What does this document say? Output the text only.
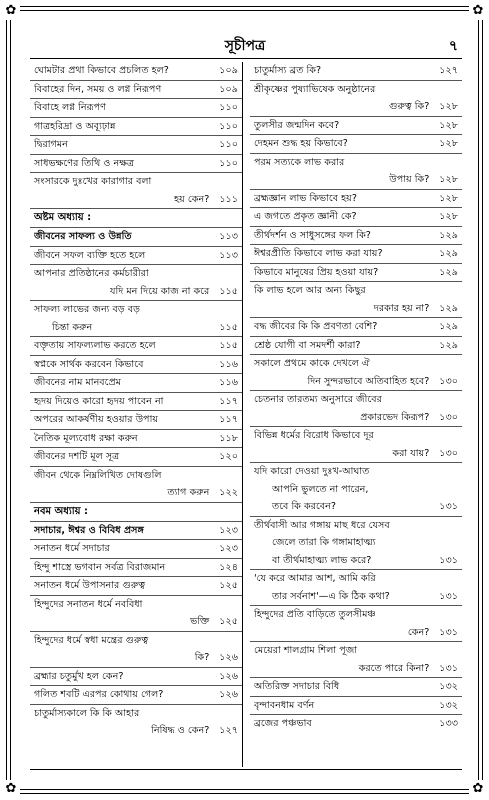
✿	✿
✿	✿
সূচীপত্র	৭
ঘোমটার প্রথা কিভাবে প্রচলিত হল?	১০৯
বিবাহের দিন, সময় ও লগ্ন নিরূপণ	১০৯
বিবাহে লগ্ন নিরূপণ	১১০
গাত্রহরিদ্রা ও অব্যূঢ়ান্ন	১১০
দ্বিরাগমন	১১০
সাধভক্ষণের তিথি ও নক্ষত্র	১১০
সংসারকে দুঃখের কারাগার বলা
হয় কেন?	১১১
অষ্টম অধ্যায় :
জীবনের সাফল্য ও উন্নতি	১১৩
জীবনে সফল ব্যক্তি হতে হলে	১১৩
আপনার প্রতিষ্ঠানের কর্মচারীরা
যদি মন দিয়ে কাজ না করে	১১৫
সাফল্য লাভের জন্য বড় বড়
চিন্তা করুন	১১৫
বক্তৃতায় সাফল্যলাভ করতে হলে	১১৫
স্বপ্নকে সার্থক করবেন কিভাবে	১১৬
জীবনের নাম মানবপ্রেম	১১৬
হৃদয় দিয়েও কারো হৃদয় পাবেন না	১১৭
অপরের আকর্ষণীয় হওয়ার উপায়	১১৭
নৈতিক মূল্যবোধ রক্ষা করুন	১১৮
জীবনের দশটি মূল সূত্র	১২০
জীবন থেকে নিম্নলিখিত দোষগুলি
ত্যাগ করুন	১২২
নবম অধ্যায় :
সদাচার, ঈশ্বর ও বিবিধ প্রসঙ্গ	১২৩
সনাতন ধর্মে সদাচার	১২৩
হিন্দু শাস্ত্রে ভগবান সর্বত্র বিরাজমান	১২৪
সনাতন ধর্মে উপাসনার গুরুত্ব	১২৫
হিন্দুদের সনাতন ধর্মে নববিধা
ভক্তি	১২৫
হিন্দুদের ধর্মে স্বধা মন্ত্রের গুরুত্ব
কি?	১২৬
ব্রহ্মার চতুর্মুখ হল কেন?	১২৬
গলিত শবটি এরপর কোথায় গেল?	১২৬
চাতুর্মাস্যকালে কি কি আহার
নিষিদ্ধ ও কেন?	১২৭
চাতুর্মাস্য ব্রত কি?	১২৭
শ্রীকৃষ্ণের পুষ্যাভিষেক অনুষ্ঠানের
গুরুত্ব কি?	১২৮
তুলসীর জন্মদিন কবে?	১২৮
দেহমন শুদ্ধ হয় কিভাবে?	১২৮
পরম সত্যকে লাভ করার
উপায় কি?	১২৮
ব্রহ্মজ্ঞান লাভ কিভাবে হয়?	১২৮
এ জগতে প্রকৃত জ্ঞানী কে?	১২৮
তীর্থদর্শন ও সাধুসঙ্গের ফল কি?	১২৯
ঈশ্বরপ্রীতি কিভাবে লাভ করা যায়?	১২৯
কিভাবে মানুষের প্রিয় হওয়া যায়?	১২৯
কি লাভ হলে আর অন্য কিছুর
দরকার হয় না?	১২৯
বদ্ধ জীবের কি কি প্রবণতা বেশি?	১২৯
শ্রেষ্ঠ যোগী বা সমদর্শী কারা?	১২৯
সকালে প্রথমে কাকে দেখলে ঐ
দিন সুন্দরভাবে অতিবাহিত হবে?	১৩০
চেতনার তারতম্য অনুসারে জীবের
প্রকারভেদ কিরূপ?	১৩০
বিভিন্ন ধর্মের বিরোধ কিভাবে দূর
করা যায়?	১৩০
যদি কারো দেওয়া দুঃখ-আঘাত
আপনি ভুলতে না পারেন,
তবে কি করবেন?	১৩১
তীর্থবাসী আর গঙ্গায় মাছ ধরে যেসব
জেলে তারা কি গঙ্গামাহাত্ম্য
বা তীর্থমাহাত্ম্য লাভ করে?	১৩১
'যে করে আমার আশ, আমি করি
তার সর্বনাশ'—এ কি ঠিক কথা?	১৩১
হিন্দুদের প্রতি বাড়িতে তুলসীমঞ্চ
কেন?	১৩১
মেয়েরা শালগ্রাম শিলা পূজা
করতে পারে কিনা?	১৩১
অতিরিক্ত সদাচার বিধি	১৩২
বৃন্দাবনধাম বর্ণন	১৩২
ব্রজের পঞ্চভাব	১৩৩
